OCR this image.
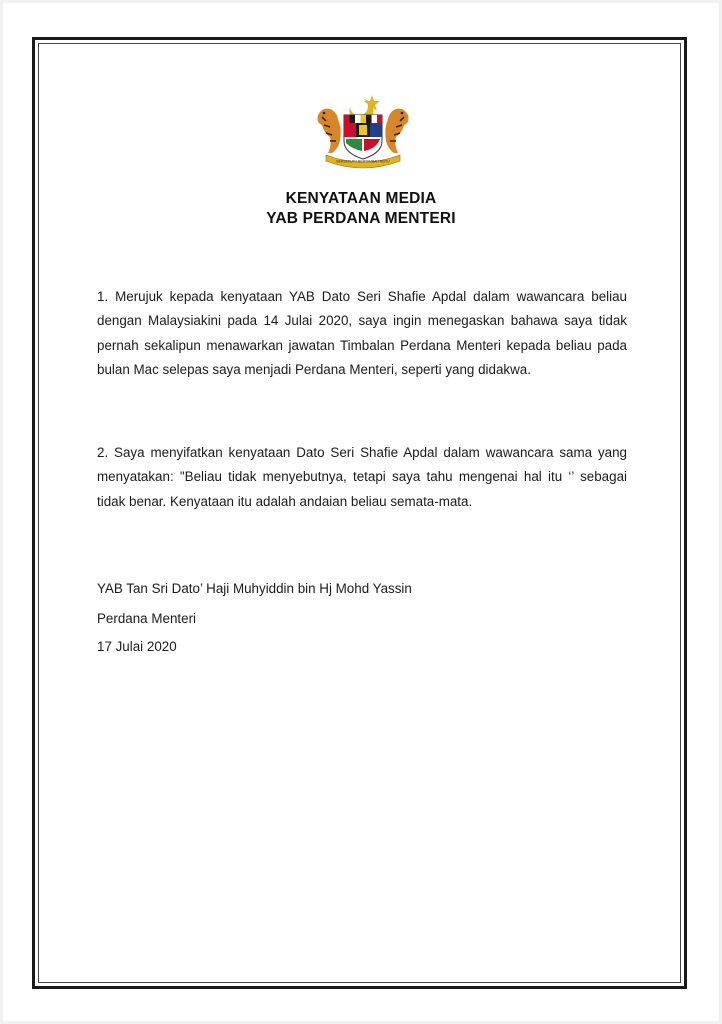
BERSEKUTU BERTAMBAH MUTU
KENYATAAN MEDIA
YAB PERDANA MENTERI

1. Merujuk kepada kenyataan YAB Dato Seri Shafie Apdal dalam wawancara beliau dengan Malaysiakini pada 14 Julai 2020, saya ingin menegaskan bahawa saya tidak pernah sekalipun menawarkan jawatan Timbalan Perdana Menteri kepada beliau pada bulan Mac selepas saya menjadi Perdana Menteri, seperti yang didakwa.

2. Saya menyifatkan kenyataan Dato Seri Shafie Apdal dalam wawancara sama yang menyatakan: "Beliau tidak menyebutnya, tetapi saya tahu mengenai hal itu ‘’ sebagai tidak benar. Kenyataan itu adalah andaian beliau semata-mata.

YAB Tan Sri Dato’ Haji Muhyiddin bin Hj Mohd Yassin

Perdana Menteri

17 Julai 2020
